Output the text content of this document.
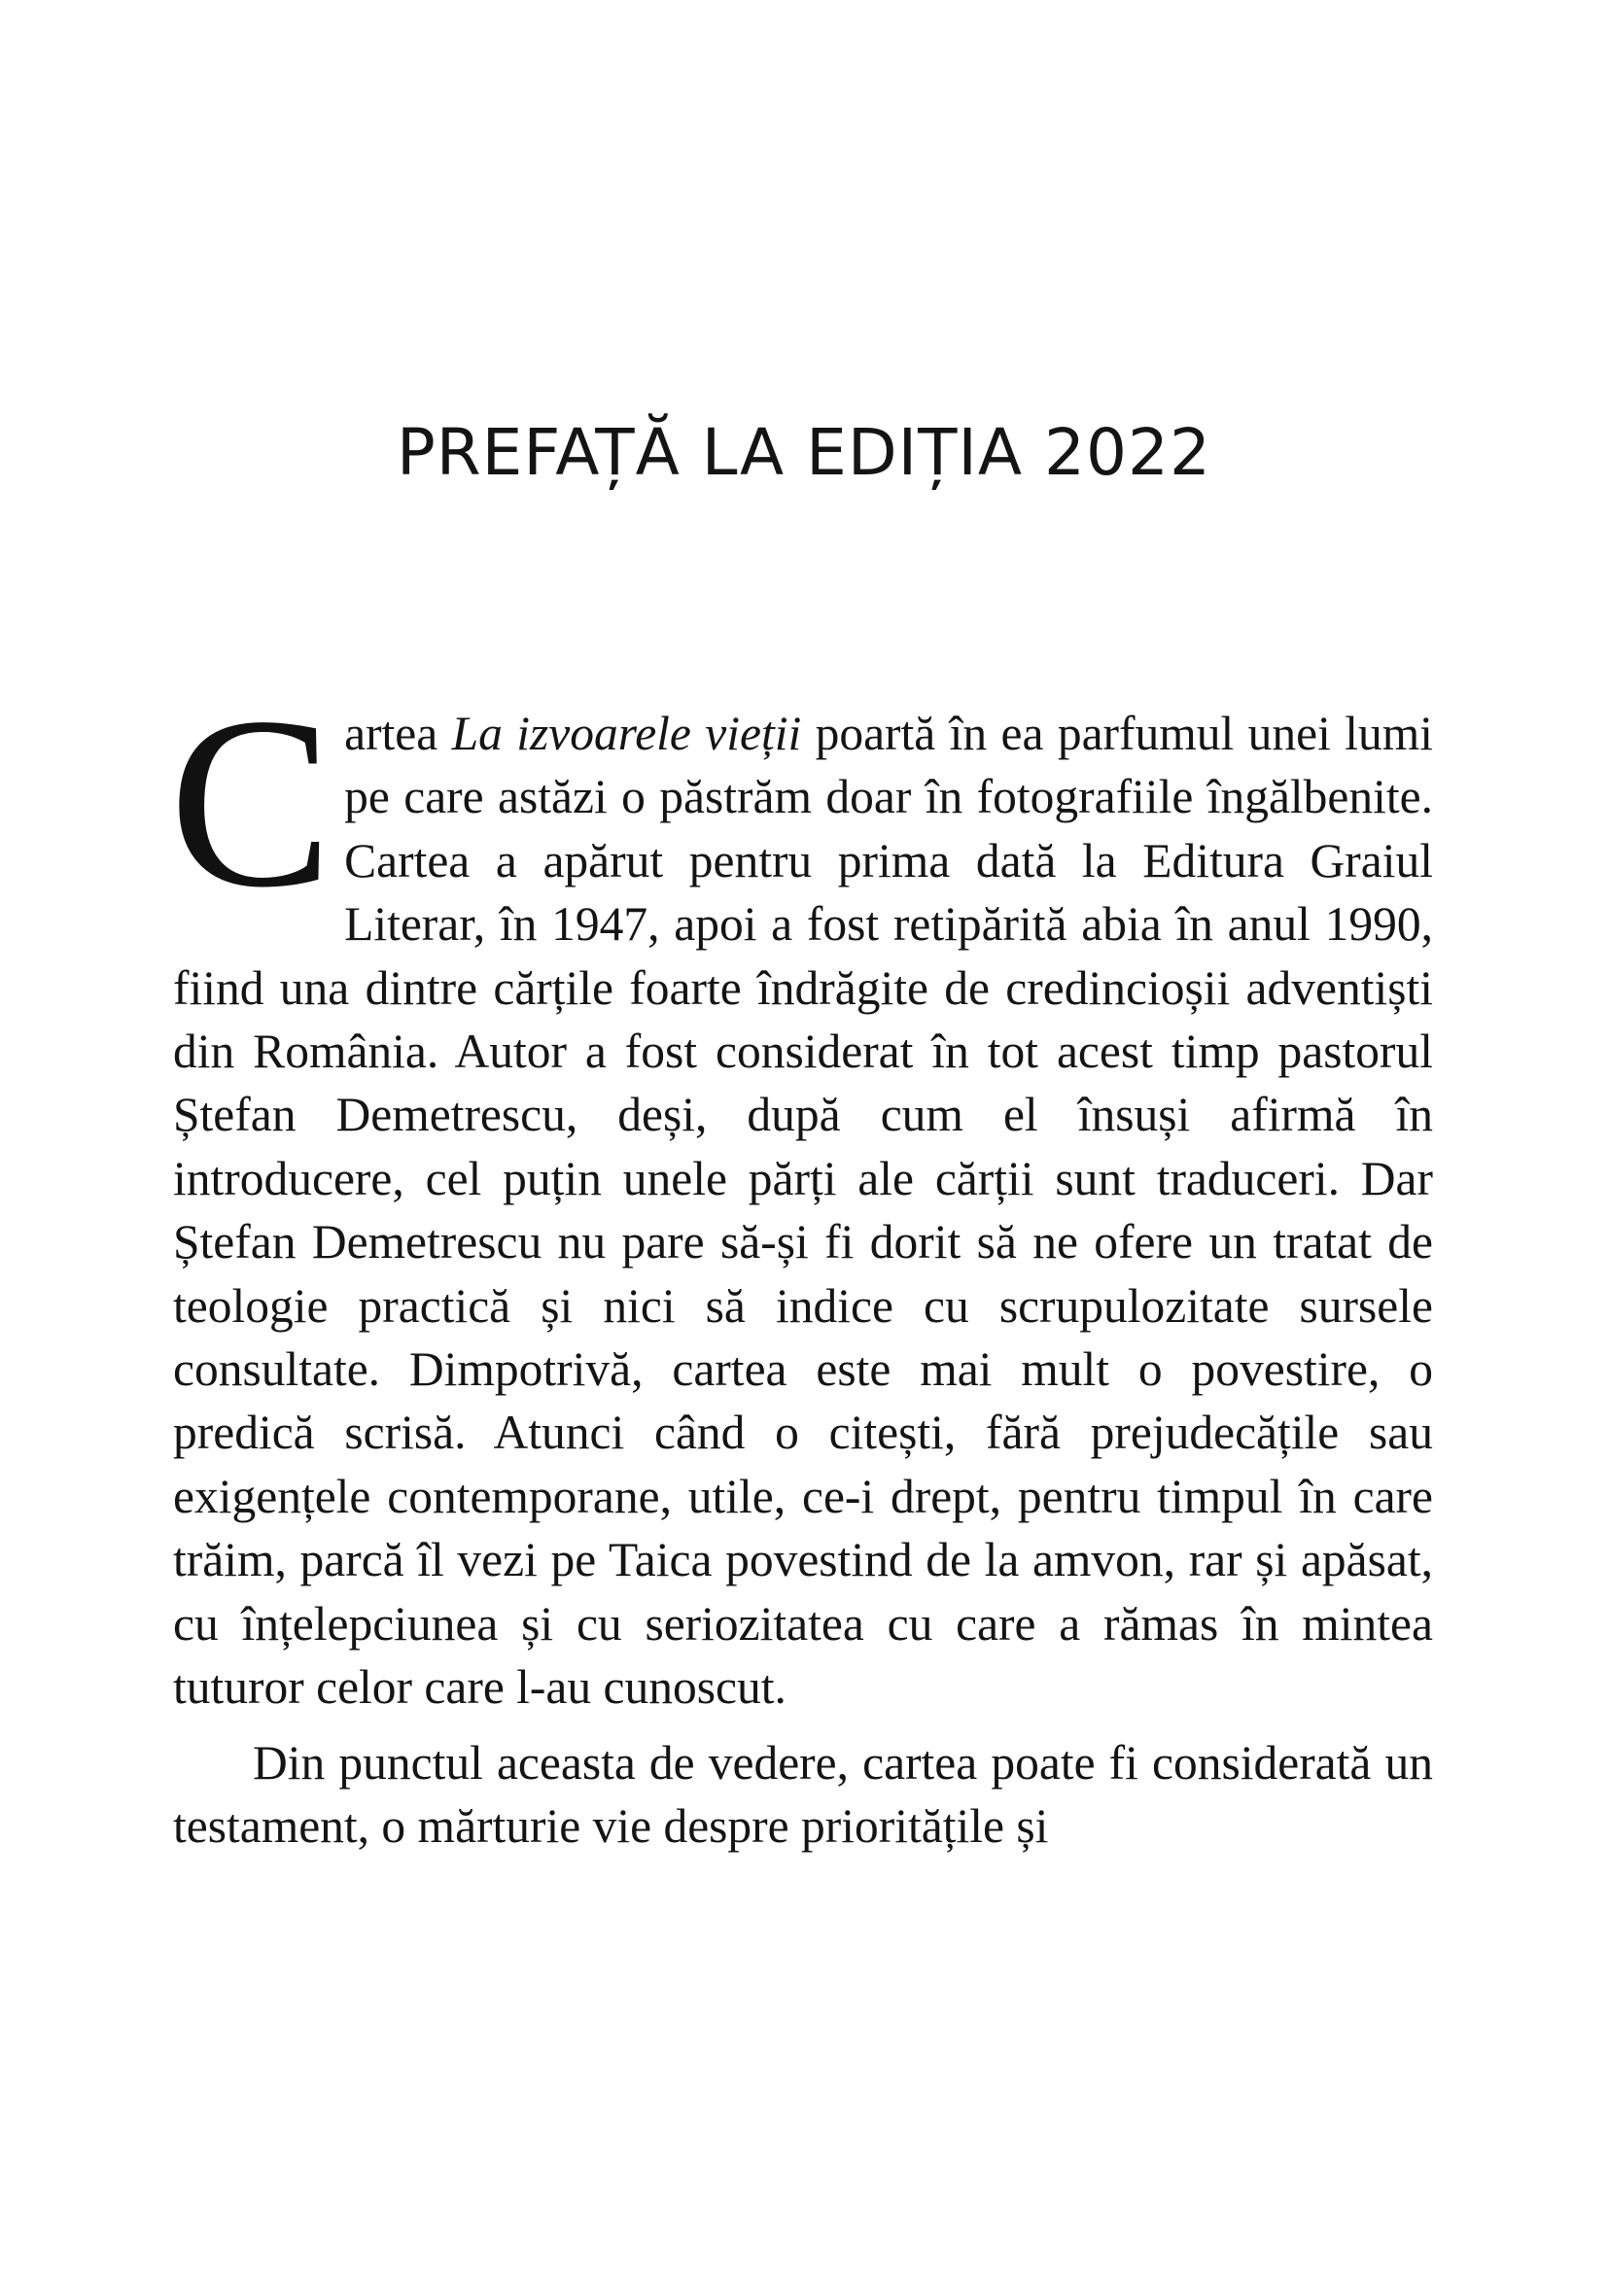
PREFAȚĂ LA EDIȚIA 2022

Cartea La izvoarele vieții poartă în ea parfumul unei lumi pe care astăzi o păstrăm doar în fotografiile îngălbenite. Cartea a apărut pentru prima dată la Editura Graiul Literar, în 1947, apoi a fost retipărită abia în anul 1990, fiind una dintre cărțile foarte îndrăgite de credincioșii adventiști din România. Autor a fost considerat în tot acest timp pastorul Ștefan Demetrescu, deși, după cum el însuși afirmă în introducere, cel puțin unele părți ale cărții sunt traduceri. Dar Ștefan Demetrescu nu pare să-și fi dorit să ne ofere un tratat de teologie practică și nici să indice cu scrupulozitate sursele consultate. Dimpotrivă, cartea este mai mult o povestire, o predică scrisă. Atunci când o citești, fără prejudecățile sau exigențele contemporane, utile, ce-i drept, pentru timpul în care trăim, parcă îl vezi pe Taica povestind de la amvon, rar și apăsat, cu înțelepciunea și cu seriozitatea cu care a rămas în mintea tuturor celor care l-au cunoscut.

Din punctul aceasta de vedere, cartea poate fi considerată un testament, o mărturie vie despre prioritățile și
